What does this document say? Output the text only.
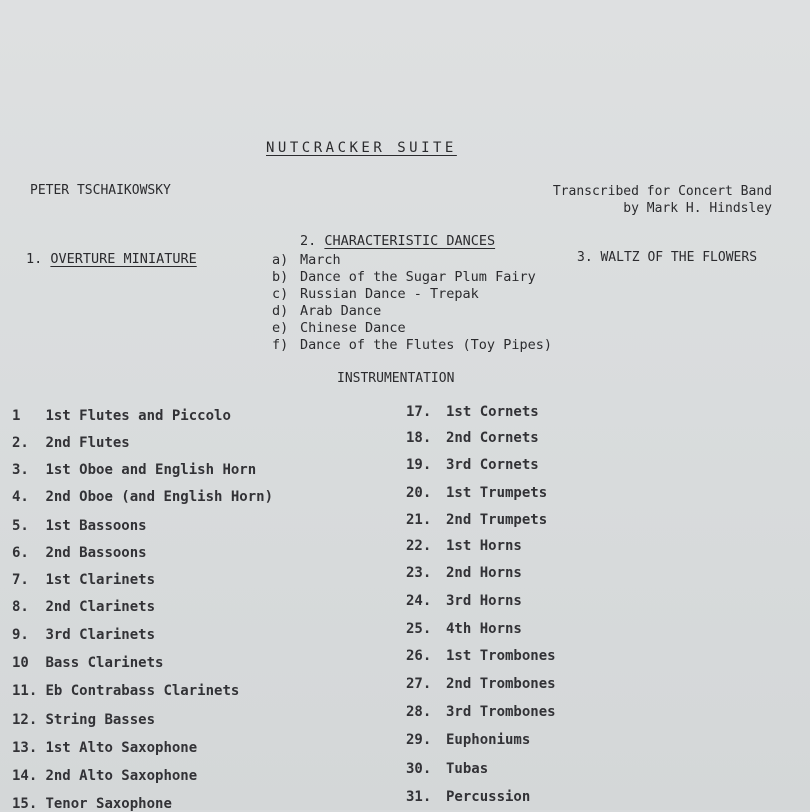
NUTCRACKER SUITE
PETER TSCHAIKOWSKY	Transcribed for Concert Band
by Mark H. Hindsley
1. OVERTURE MINIATURE
2. CHARACTERISTIC DANCES
3. WALTZ OF THE FLOWERS
a) March
b) Dance of the Sugar Plum Fairy
c) Russian Dance - Trepak
d) Arab Dance
e) Chinese Dance
f) Dance of the Flutes (Toy Pipes)
INSTRUMENTATION
1 1st Flutes and Piccolo
2. 2nd Flutes
3. 1st Oboe and English Horn
4. 2nd Oboe (and English Horn)
5. 1st Bassoons
6. 2nd Bassoons
7. 1st Clarinets
8. 2nd Clarinets
9. 3rd Clarinets
10 Bass Clarinets
11. Eb Contrabass Clarinets
12. String Basses
13. 1st Alto Saxophone
14. 2nd Alto Saxophone
15. Tenor Saxophone
17. 1st Cornets
18. 2nd Cornets
19. 3rd Cornets
20. 1st Trumpets
21. 2nd Trumpets
22. 1st Horns
23. 2nd Horns
24. 3rd Horns
25. 4th Horns
26. 1st Trombones
27. 2nd Trombones
28. 3rd Trombones
29. Euphoniums
30. Tubas
31. Percussion
